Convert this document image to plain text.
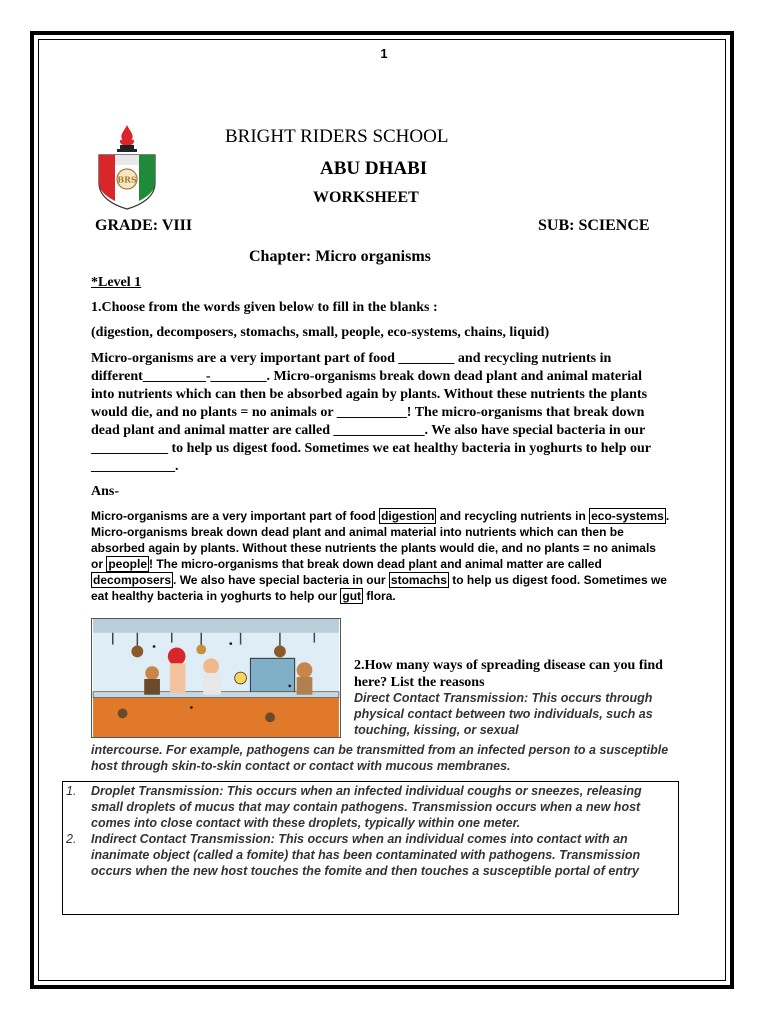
1
BRS
BRIGHT RIDERS SCHOOL
ABU DHABI
WORKSHEET
GRADE: VIII	SUB: SCIENCE
Chapter: Micro organisms
*Level 1
1.Choose from the words given below to fill in the blanks :
(digestion, decomposers, stomachs, small, people, eco-systems, chains, liquid)
Micro-organisms are a very important part of food ________ and recycling nutrients in different_________-________. Micro-organisms break down dead plant and animal material into nutrients which can then be absorbed again by plants. Without these nutrients the plants would die, and no plants = no animals or __________! The micro-organisms that break down dead plant and animal matter are called _____________. We also have special bacteria in our ___________ to help us digest food. Sometimes we eat healthy bacteria in yoghurts to help our ____________.
Ans-
Micro-organisms are a very important part of food digestion and recycling nutrients in eco-systems . Micro-organisms break down dead plant and animal material into nutrients which can then be absorbed again by plants. Without these nutrients the plants would die, and no plants = no animals or people ! The micro-organisms that break down dead plant and animal matter are called decomposers . We also have special bacteria in our stomachs to help us digest food. Sometimes we eat healthy bacteria in yoghurts to help our gut flora.
2.How many ways of spreading disease can you find here? List the reasons
Direct Contact Transmission: This occurs through physical contact between two individuals, such as touching, kissing, or sexual
intercourse. For example, pathogens can be transmitted from an infected person to a susceptible host through skin-to-skin contact or contact with mucous membranes.
1.	Droplet Transmission: This occurs when an infected individual coughs or sneezes, releasing small droplets of mucus that may contain pathogens. Transmission occurs when a new host comes into close contact with these droplets, typically within one meter.
2.	Indirect Contact Transmission: This occurs when an individual comes into contact with an inanimate object (called a fomite) that has been contaminated with pathogens. Transmission occurs when the new host touches the fomite and then touches a susceptible portal of entry
